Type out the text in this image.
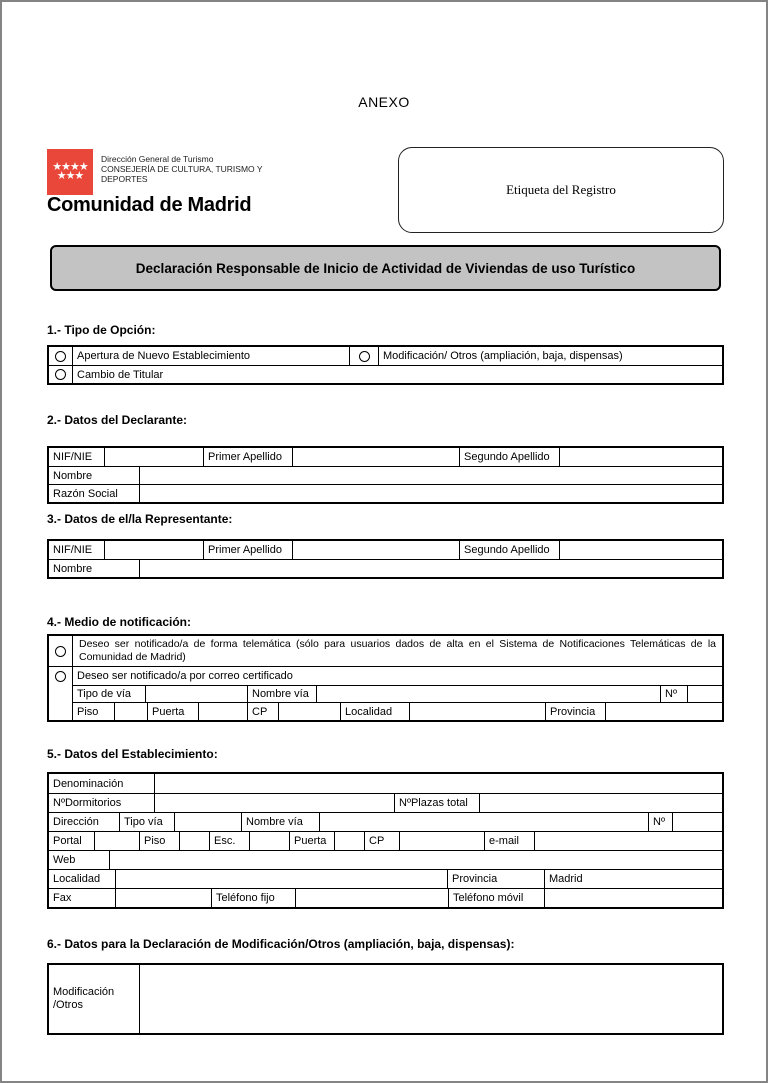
ANEXO
★★★★
★★★
Dirección General de Turismo
CONSEJERÍA DE CULTURA, TURISMO Y
DEPORTES
Comunidad de Madrid
Etiqueta del Registro
Declaración Responsable de Inicio de Actividad de Viviendas de uso Turístico
1.- Tipo de Opción:
Apertura de Nuevo Establecimiento	Modificación/ Otros (ampliación, baja, dispensas)
Cambio de Titular
2.- Datos del Declarante:
NIF/NIE	Primer Apellido	Segundo Apellido
Nombre
Razón Social
3.- Datos de el/la Representante:
NIF/NIE	Primer Apellido	Segundo Apellido
Nombre
4.- Medio de notificación:
Deseo ser notificado/a de forma telemática (sólo para usuarios dados de alta en el Sistema de Notificaciones Telemáticas de la Comunidad de Madrid)
Deseo ser notificado/a por correo certificado
Tipo de vía	Nombre vía	Nº
Piso	Puerta	CP	Localidad	Provincia
5.- Datos del Establecimiento:
Denominación
NºDormitorios	NºPlazas total
Dirección	Tipo vía	Nombre vía	Nº
Portal	Piso	Esc.	Puerta	CP	e-mail
Web
Localidad	Provincia	Madrid
Fax	Teléfono fijo	Teléfono móvil
6.- Datos para la Declaración de Modificación/Otros (ampliación, baja, dispensas):
Modificación /Otros
